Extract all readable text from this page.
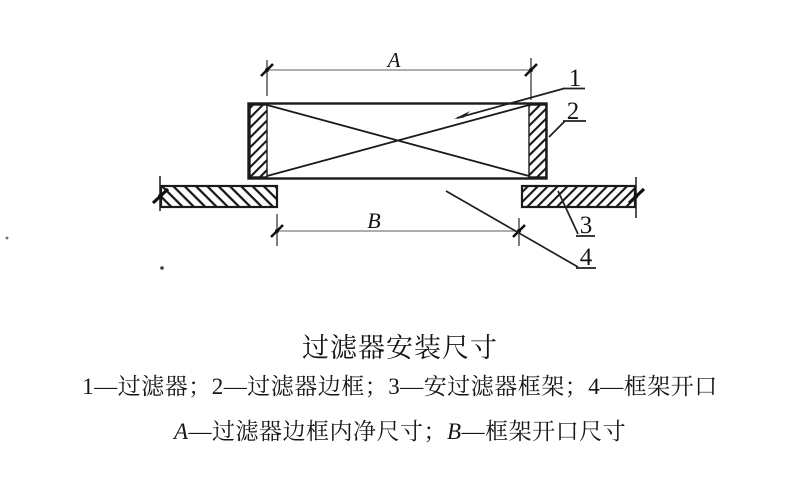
A
B
1
2
3
4
过滤器安装尺寸
1—过滤器；2—过滤器边框；3—安过滤器框架；4—框架开口
A—过滤器边框内净尺寸；B—框架开口尺寸
